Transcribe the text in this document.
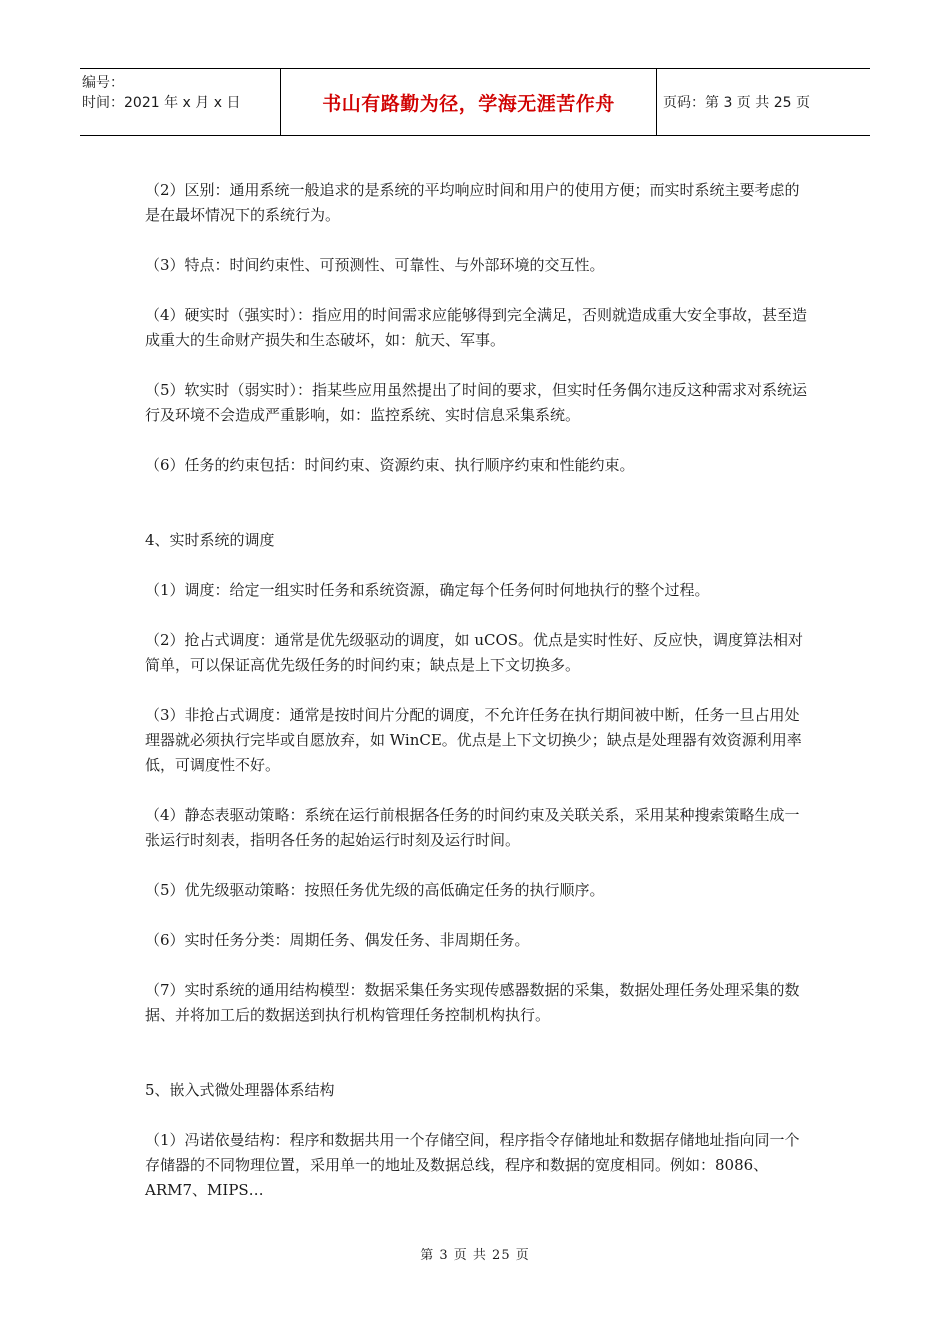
编号：
时间：2021 年 x 月 x 日	书山有路勤为径，学海无涯苦作舟	页码：第 3 页 共 25 页

（2）区别：通用系统一般追求的是系统的平均响应时间和用户的使用方便；而实时系统主要考虑的是在最坏情况下的系统行为。

（3）特点：时间约束性、可预测性、可靠性、与外部环境的交互性。

（4）硬实时（强实时）：指应用的时间需求应能够得到完全满足，否则就造成重大安全事故，甚至造成重大的生命财产损失和生态破坏，如：航天、军事。

（5）软实时（弱实时）：指某些应用虽然提出了时间的要求，但实时任务偶尔违反这种需求对系统运行及环境不会造成严重影响，如：监控系统、实时信息采集系统。

（6）任务的约束包括：时间约束、资源约束、执行顺序约束和性能约束。

4、实时系统的调度

（1）调度：给定一组实时任务和系统资源，确定每个任务何时何地执行的整个过程。

（2）抢占式调度：通常是优先级驱动的调度，如 uCOS。优点是实时性好、反应快，调度算法相对简单，可以保证高优先级任务的时间约束；缺点是上下文切换多。

（3）非抢占式调度：通常是按时间片分配的调度，不允许任务在执行期间被中断，任务一旦占用处理器就必须执行完毕或自愿放弃，如 WinCE。优点是上下文切换少；缺点是处理器有效资源利用率低，可调度性不好。

（4）静态表驱动策略：系统在运行前根据各任务的时间约束及关联关系，采用某种搜索策略生成一张运行时刻表，指明各任务的起始运行时刻及运行时间。

（5）优先级驱动策略：按照任务优先级的高低确定任务的执行顺序。

（6）实时任务分类：周期任务、偶发任务、非周期任务。

（7）实时系统的通用结构模型：数据采集任务实现传感器数据的采集，数据处理任务处理采集的数据、并将加工后的数据送到执行机构管理任务控制机构执行。

5、嵌入式微处理器体系结构

（1）冯诺依曼结构：程序和数据共用一个存储空间，程序指令存储地址和数据存储地址指向同一个存储器的不同物理位置，采用单一的地址及数据总线，程序和数据的宽度相同。例如：8086、ARM7、MIPS…

第 3 页 共 25 页
